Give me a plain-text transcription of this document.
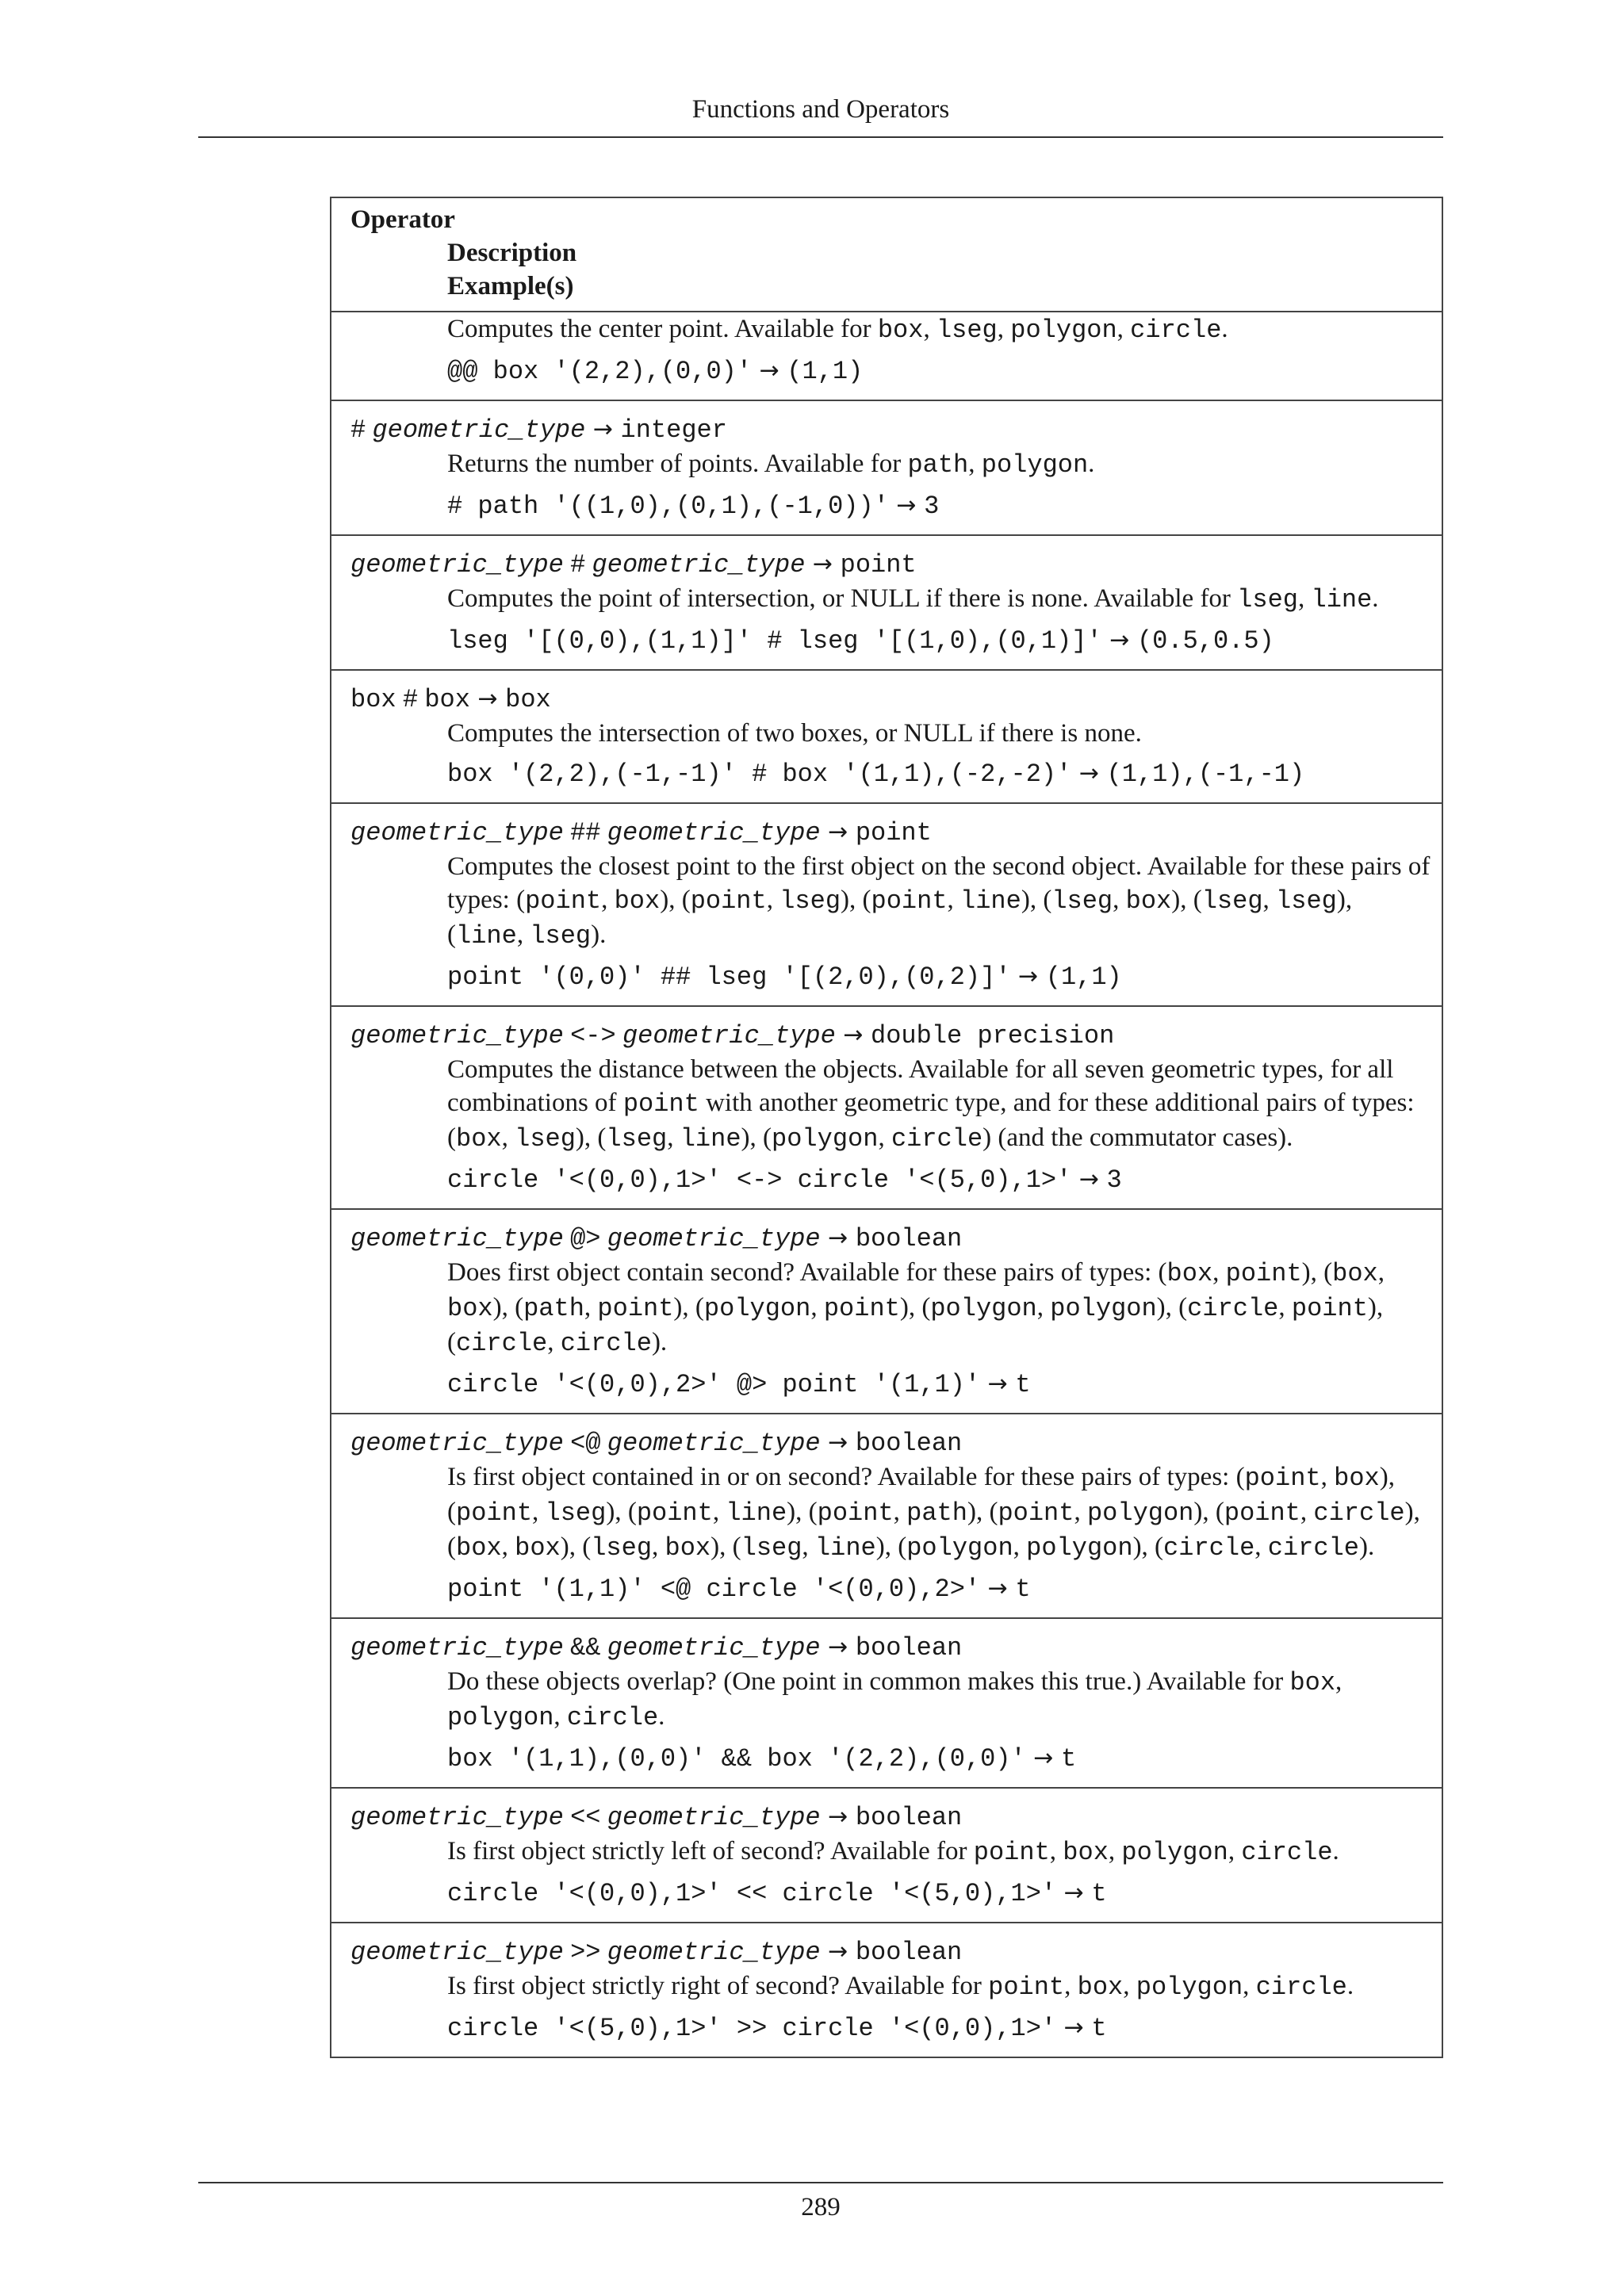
Functions and Operators
Operator
Description
Example(s)
Computes the center point. Available for box, lseg, polygon, circle.
@@ box '(2,2),(0,0)' → (1,1)
# geometric_type → integer
Returns the number of points. Available for path, polygon.
# path '((1,0),(0,1),(-1,0))' → 3
geometric_type # geometric_type → point
Computes the point of intersection, or NULL if there is none. Available for lseg, line.
lseg '[(0,0),(1,1)]' # lseg '[(1,0),(0,1)]' → (0.5,0.5)
box # box → box
Computes the intersection of two boxes, or NULL if there is none.
box '(2,2),(-1,-1)' # box '(1,1),(-2,-2)' → (1,1),(-1,-1)
geometric_type ## geometric_type → point
Computes the closest point to the first object on the second object. Available for these pairs of types: (point, box), (point, lseg), (point, line), (lseg, box), (lseg, lseg), (line, lseg).
point '(0,0)' ## lseg '[(2,0),(0,2)]' → (1,1)
geometric_type <-> geometric_type → double precision
Computes the distance between the objects. Available for all seven geometric types, for all combinations of point with another geometric type, and for these additional pairs of types: (box, lseg), (lseg, line), (polygon, circle) (and the commutator cases).
circle '<(0,0),1>' <-> circle '<(5,0),1>' → 3
geometric_type @> geometric_type → boolean
Does first object contain second? Available for these pairs of types: (box, point), (box, box), (path, point), (polygon, point), (polygon, polygon), (circle, point), (circle, circle).
circle '<(0,0),2>' @> point '(1,1)' → t
geometric_type <@ geometric_type → boolean
Is first object contained in or on second? Available for these pairs of types: (point, box), (point, lseg), (point, line), (point, path), (point, polygon), (point, circle), (box, box), (lseg, box), (lseg, line), (polygon, polygon), (circle, circle).
point '(1,1)' <@ circle '<(0,0),2>' → t
geometric_type && geometric_type → boolean
Do these objects overlap? (One point in common makes this true.) Available for box, polygon, circle.
box '(1,1),(0,0)' && box '(2,2),(0,0)' → t
geometric_type << geometric_type → boolean
Is first object strictly left of second? Available for point, box, polygon, circle.
circle '<(0,0),1>' << circle '<(5,0),1>' → t
geometric_type >> geometric_type → boolean
Is first object strictly right of second? Available for point, box, polygon, circle.
circle '<(5,0),1>' >> circle '<(0,0),1>' → t
289
